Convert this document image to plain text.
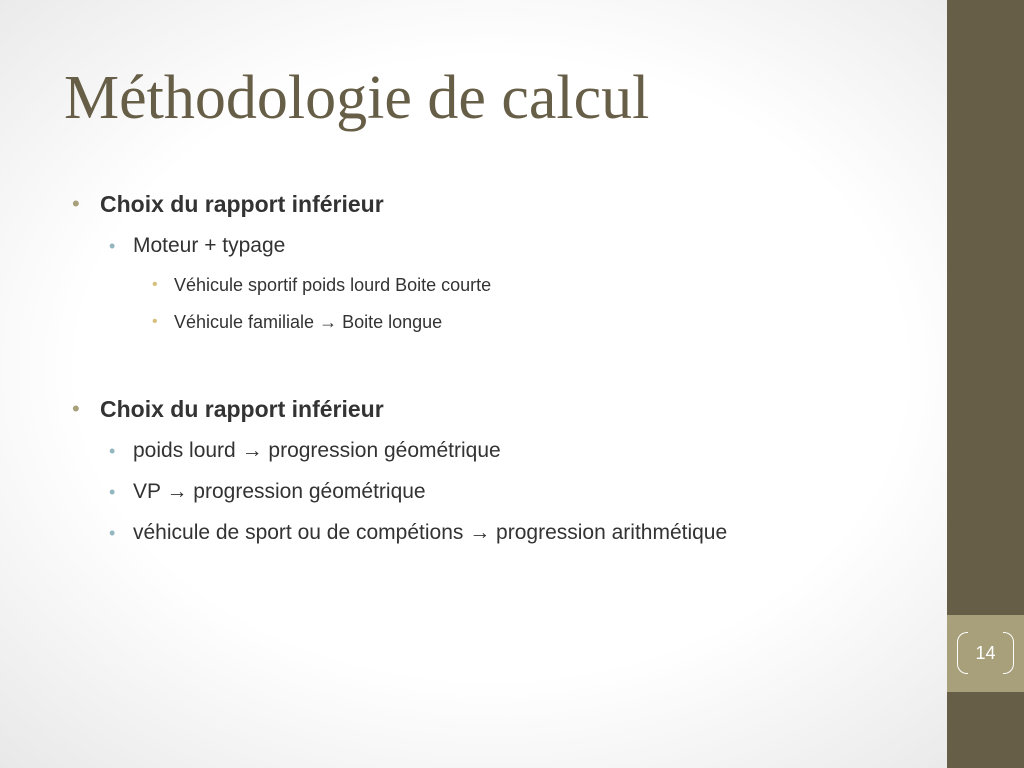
Méthodologie de calcul
• Choix du rapport inférieur
• Moteur + typage
• Véhicule sportif poids lourd Boite courte
• Véhicule familiale → Boite longue
• Choix du rapport inférieur
• poids lourd → progression géométrique
• VP → progression géométrique
• véhicule de sport ou de compétions → progression arithmétique
14
